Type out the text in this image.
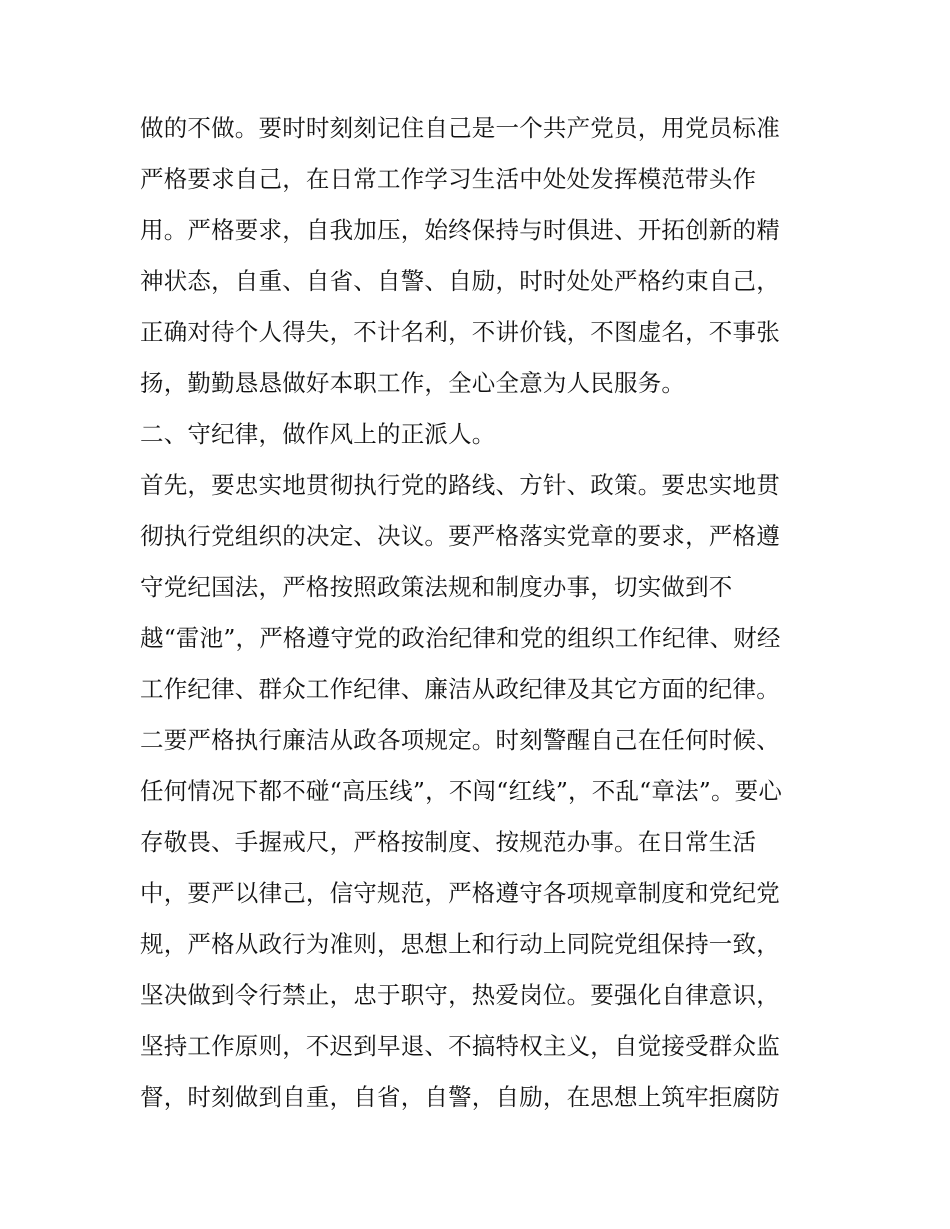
做的不做。要时时刻刻记住自己是一个共产党员，用党员标准
严格要求自己，在日常工作学习生活中处处发挥模范带头作
用。严格要求，自我加压，始终保持与时俱进、开拓创新的精
神状态，自重、自省、自警、自励，时时处处严格约束自己，
正确对待个人得失，不计名利，不讲价钱，不图虚名，不事张
扬，勤勤恳恳做好本职工作，全心全意为人民服务。
二、守纪律，做作风上的正派人。
首先，要忠实地贯彻执行党的路线、方针、政策。要忠实地贯
彻执行党组织的决定、决议。要严格落实党章的要求，严格遵
守党纪国法，严格按照政策法规和制度办事，切实做到不
越“雷池”，严格遵守党的政治纪律和党的组织工作纪律、财经
工作纪律、群众工作纪律、廉洁从政纪律及其它方面的纪律。
二要严格执行廉洁从政各项规定。时刻警醒自己在任何时候、
任何情况下都不碰“高压线”，不闯“红线”，不乱“章法”。要心
存敬畏、手握戒尺，严格按制度、按规范办事。在日常生活
中，要严以律己，信守规范，严格遵守各项规章制度和党纪党
规，严格从政行为准则，思想上和行动上同院党组保持一致，
坚决做到令行禁止，忠于职守，热爱岗位。要强化自律意识，
坚持工作原则，不迟到早退、不搞特权主义，自觉接受群众监
督，时刻做到自重，自省，自警，自励，在思想上筑牢拒腐防
